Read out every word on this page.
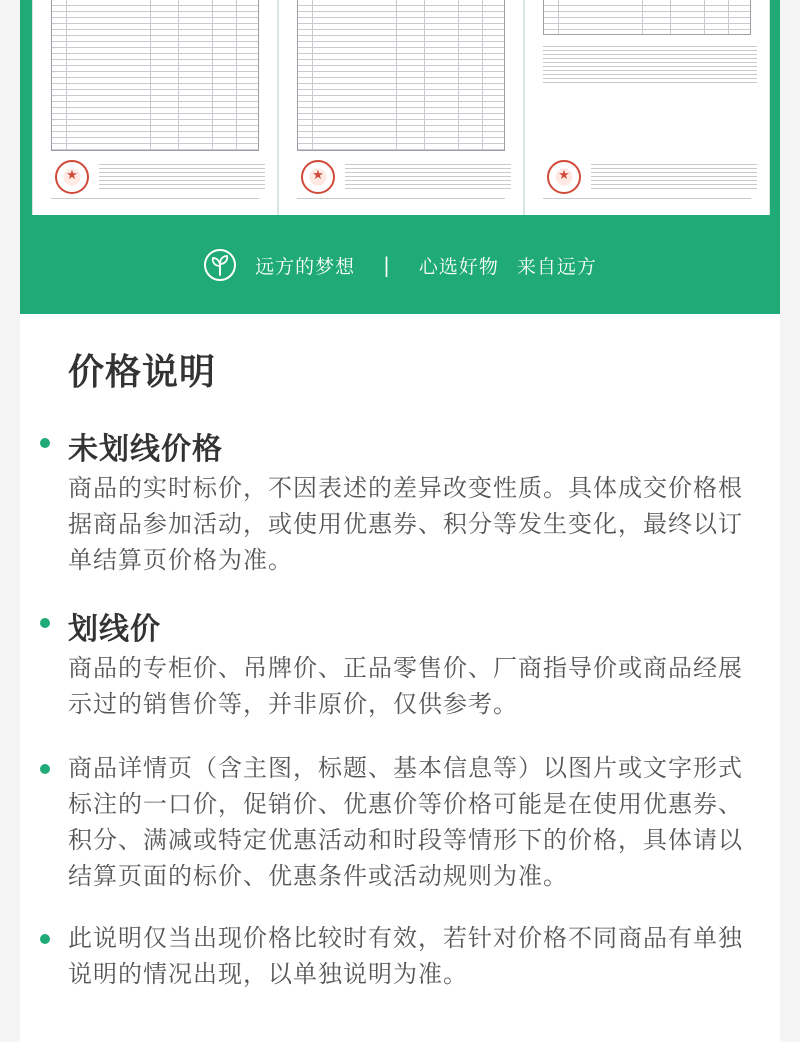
★
★
★
远方的梦想 | 心选好物 来自远方
价格说明
未划线价格

商品的实时标价，不因表述的差异改变性质。具体成交价格根据商品参加活动，或使用优惠券、积分等发生变化，最终以订单结算页价格为准。

划线价

商品的专柜价、吊牌价、正品零售价、厂商指导价或商品经展示过的销售价等，并非原价，仅供参考。

商品详情页（含主图，标题、基本信息等）以图片或文字形式标注的一口价，促销价、优惠价等价格可能是在使用优惠券、积分、满减或特定优惠活动和时段等情形下的价格，具体请以结算页面的标价、优惠条件或活动规则为准。

此说明仅当出现价格比较时有效，若针对价格不同商品有单独说明的情况出现，以单独说明为准。
